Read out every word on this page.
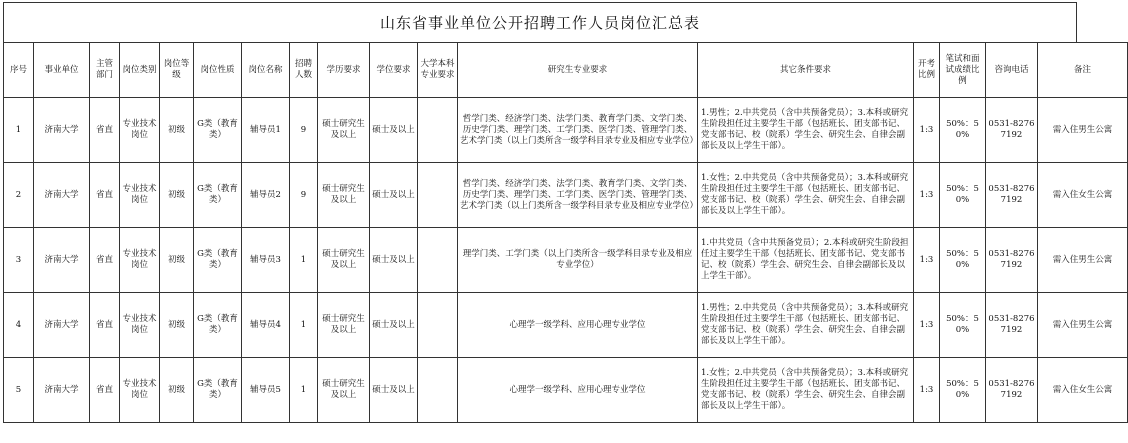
山东省事业单位公开招聘工作人员岗位汇总表
序号	事业单位	主管部门	岗位类别	岗位等级	岗位性质	岗位名称	招聘人数	学历要求	学位要求	大学本科专业要求	研究生专业要求	其它条件要求	开考比例	笔试和面试成绩比例	咨询电话	备注
1	济南大学	省直	专业技术岗位	初级	G类（教育类）	辅导员1	9	硕士研究生及以上	硕士及以上		哲学门类、经济学门类、法学门类、教育学门类、文学门类、历史学门类、理学门类、工学门类、医学门类、管理学门类、艺术学门类（以上门类所含一级学科目录专业及相应专业学位）	1.男性；2.中共党员（含中共预备党员）；3.本科或研究生阶段担任过主要学生干部（包括班长、团支部书记、党支部书记、校（院系）学生会、研究生会、自律会副部长及以上学生干部）。	1:3	50%：50%	0531-82767192	需入住男生公寓
2	济南大学	省直	专业技术岗位	初级	G类（教育类）	辅导员2	9	硕士研究生及以上	硕士及以上		哲学门类、经济学门类、法学门类、教育学门类、文学门类、历史学门类、理学门类、工学门类、医学门类、管理学门类、艺术学门类（以上门类所含一级学科目录专业及相应专业学位）	1.女性；2.中共党员（含中共预备党员）；3.本科或研究生阶段担任过主要学生干部（包括班长、团支部书记、党支部书记、校（院系）学生会、研究生会、自律会副部长及以上学生干部）。	1:3	50%：50%	0531-82767192	需入住女生公寓
3	济南大学	省直	专业技术岗位	初级	G类（教育类）	辅导员3	1	硕士研究生及以上	硕士及以上		理学门类、工学门类（以上门类所含一级学科目录专业及相应专业学位）	1.中共党员（含中共预备党员）；2.本科或研究生阶段担任过主要学生干部（包括班长、团支部书记、党支部书记、校（院系）学生会、研究生会、自律会副部长及以上学生干部）。	1:3	50%：50%	0531-82767192	需入住男生公寓
4	济南大学	省直	专业技术岗位	初级	G类（教育类）	辅导员4	1	硕士研究生及以上	硕士及以上		心理学一级学科、应用心理专业学位	1.男性；2.中共党员（含中共预备党员）；3.本科或研究生阶段担任过主要学生干部（包括班长、团支部书记、党支部书记、校（院系）学生会、研究生会、自律会副部长及以上学生干部）。	1:3	50%：50%	0531-82767192	需入住男生公寓
5	济南大学	省直	专业技术岗位	初级	G类（教育类）	辅导员5	1	硕士研究生及以上	硕士及以上		心理学一级学科、应用心理专业学位	1.女性；2.中共党员（含中共预备党员）；3.本科或研究生阶段担任过主要学生干部（包括班长、团支部书记、党支部书记、校（院系）学生会、研究生会、自律会副部长及以上学生干部）。	1:3	50%：50%	0531-82767192	需入住女生公寓
